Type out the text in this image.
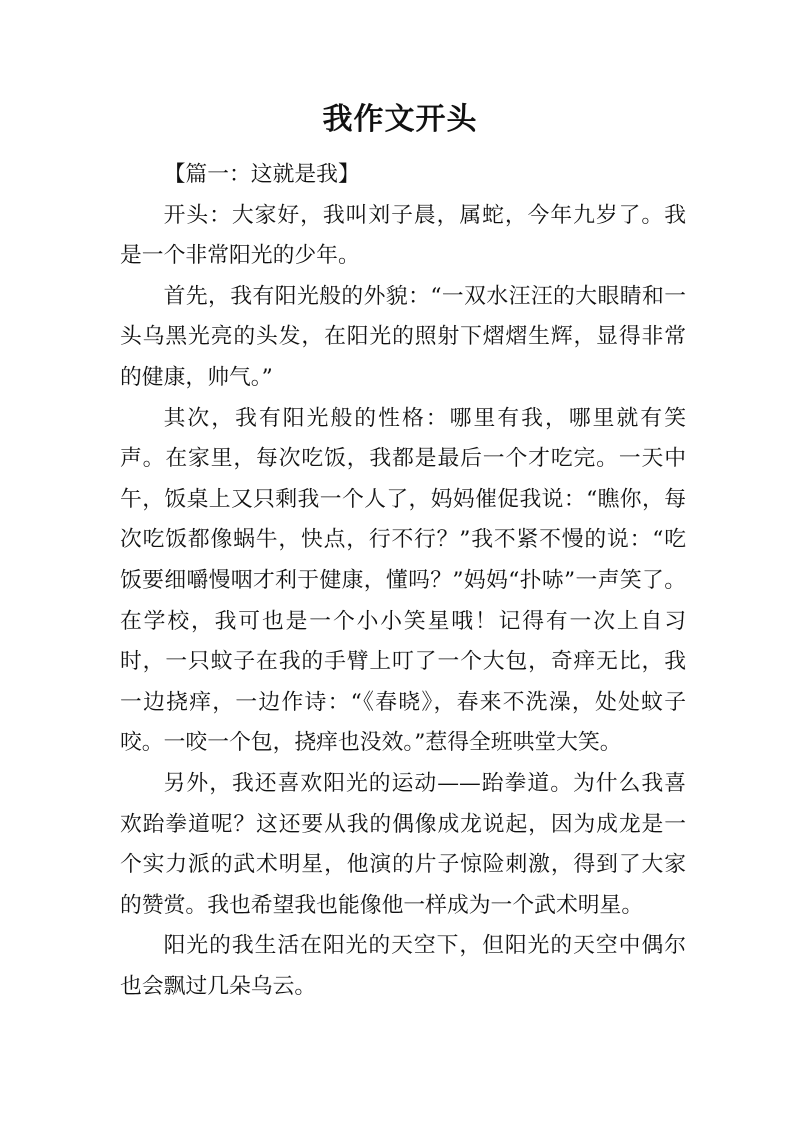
我作文开头

【篇一：这就是我】

开头：大家好，我叫刘子晨，属蛇，今年九岁了。我是一个非常阳光的少年。

首先，我有阳光般的外貌：“一双水汪汪的大眼睛和一头乌黑光亮的头发，在阳光的照射下熠熠生辉，显得非常的健康，帅气。”

其次，我有阳光般的性格：哪里有我，哪里就有笑声。在家里，每次吃饭，我都是最后一个才吃完。一天中午，饭桌上又只剩我一个人了，妈妈催促我说：“瞧你，每次吃饭都像蜗牛，快点，行不行？”我不紧不慢的说：“吃饭要细嚼慢咽才利于健康，懂吗？”妈妈“扑哧”一声笑了。在学校，我可也是一个小小笑星哦！记得有一次上自习时，一只蚊子在我的手臂上叮了一个大包，奇痒无比，我一边挠痒，一边作诗：“《春晓》，春来不洗澡，处处蚊子咬。一咬一个包，挠痒也没效。”惹得全班哄堂大笑。

另外，我还喜欢阳光的运动——跆拳道。为什么我喜欢跆拳道呢？这还要从我的偶像成龙说起，因为成龙是一个实力派的武术明星，他演的片子惊险刺激，得到了大家的赞赏。我也希望我也能像他一样成为一个武术明星。

阳光的我生活在阳光的天空下，但阳光的天空中偶尔也会飘过几朵乌云。
